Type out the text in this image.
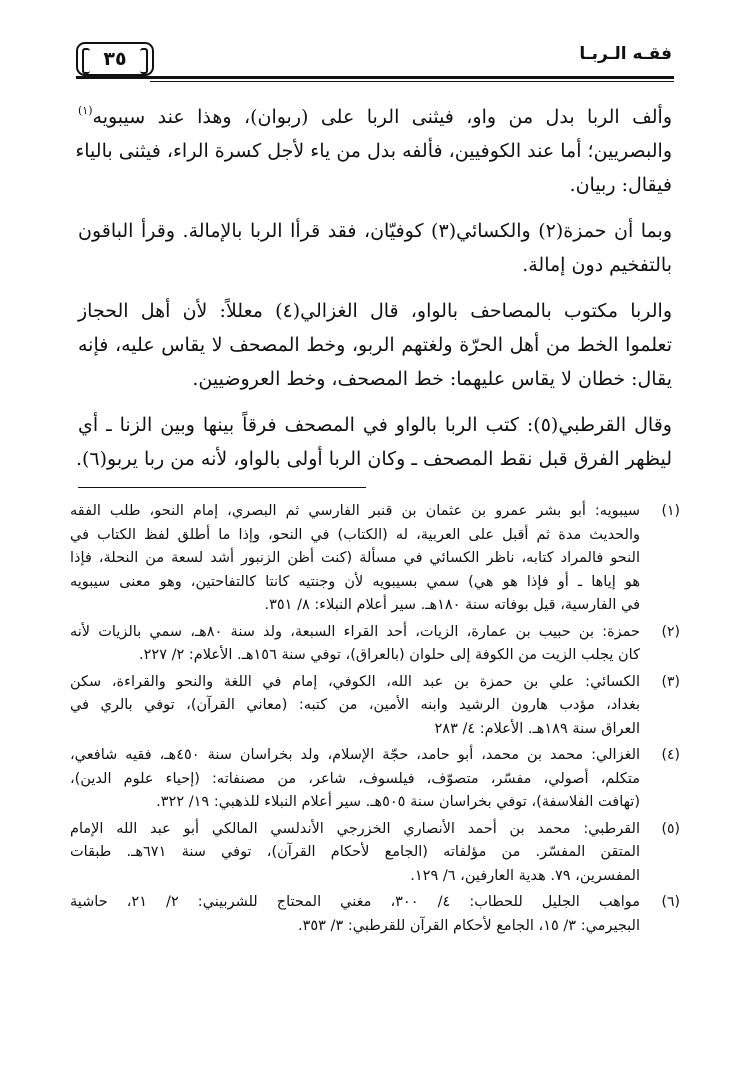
فقـه الـربـا
٣٥
وألف الربا بدل من واو، فيثنى الربا على (ربوان)، وهذا عند سيبويه$^{(١)}$
والبصريين؛ أما عند الكوفيين، فألفه بدل من ياء لأجل كسرة الراء، فيثنى بالياء
فيقال: ربيان.
وبما أن حمزة(٢) والكسائي(٣) كوفيّان، فقد قرأا الربا بالإمالة. وقرأ الباقون
بالتفخيم دون إمالة.
والربا مكتوب بالمصاحف بالواو، قال الغزالي(٤) معللاً: لأن أهل الحجاز
تعلموا الخط من أهل الحرّة ولغتهم الربو، وخط المصحف لا يقاس عليه، فإنه
يقال: خطان لا يقاس عليهما: خط المصحف، وخط العروضيين.
وقال القرطبي(٥): كتب الربا بالواو في المصحف فرقاً بينها وبين الزنا ـ أي
ليظهر الفرق قبل نقط المصحف ـ وكان الربا أولى بالواو، لأنه من ربا يربو(٦).
(١)
سيبويه: أبو بشر عمرو بن عثمان بن قنبر الفارسي ثم البصري، إمام النحو، طلب الفقه
والحديث مدة ثم أقبل على العربية، له (الكتاب) في النحو، وإذا ما أطلق لفظ الكتاب في
النحو فالمراد كتابه، ناظر الكسائي في مسألة (كنت أظن الزنبور أشد لسعة من النحلة، فإذا
هو إياها ـ أو فإذا هو هي) سمي بسيبويه لأن وجنتيه كانتا كالتفاحتين، وهو معنى سيبويه
في الفارسية، قيل بوفاته سنة ١٨٠هـ. سير أعلام النبلاء: ٨/ ٣٥١.
(٢)
حمزة: بن حبيب بن عمارة، الزيات، أحد القراء السبعة، ولد سنة ٨٠هـ، سمي بالزيات لأنه
كان يجلب الزيت من الكوفة إلى حلوان (بالعراق)، توفي سنة ١٥٦هـ. الأعلام: ٢/ ٢٢٧.
(٣)
الكسائي: علي بن حمزة بن عبد الله، الكوفي، إمام في اللغة والنحو والقراءة، سكن
بغداد، مؤدب هارون الرشيد وابنه الأمين، من كتبه: (معاني القرآن)، توفي بالري في
العراق سنة ١٨٩هـ. الأعلام: ٤/ ٢٨٣
(٤)
الغزالي: محمد بن محمد، أبو حامد، حجّة الإسلام، ولد بخراسان سنة ٤٥٠هـ، فقيه شافعي،
متكلم، أصولي، مفسّر، متصوّف، فيلسوف، شاعر، من مصنفاته: (إحياء علوم الدين)،
(تهافت الفلاسفة)، توفي بخراسان سنة ٥٠٥هـ. سير أعلام النبلاء للذهبي: ١٩/ ٣٢٢.
(٥)
القرطبي: محمد بن أحمد الأنصاري الخزرجي الأندلسي المالكي أبو عبد الله الإمام
المتقن المفسّر. من مؤلفاته (الجامع لأحكام القرآن)، توفي سنة ٦٧١هـ. طبقات
المفسرين، ٧٩. هدية العارفين، ٦/ ١٢٩.
(٦)
مواهب الجليل للحطاب: ٤/ ٣٠٠، مغني المحتاج للشربيني: ٢/ ٢١، حاشية
البجيرمي: ٣/ ١٥، الجامع لأحكام القرآن للقرطبي: ٣/ ٣٥٣.
